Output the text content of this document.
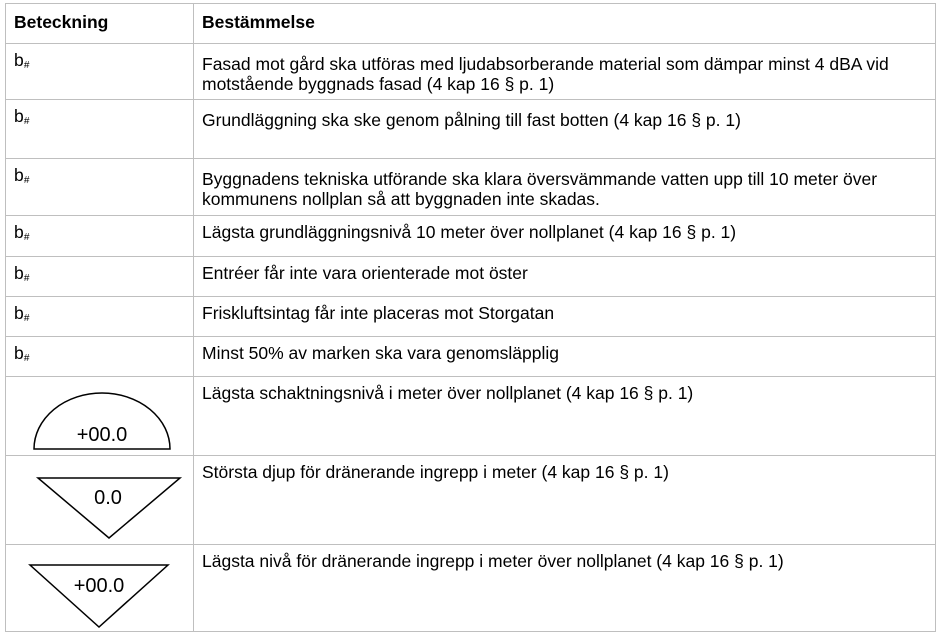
Beteckning	Bestämmelse
$b_{\#}$	Fasad mot gård ska utföras med ljudabsorberande material som dämpar minst 4 dBA vid motstående byggnads fasad (4 kap 16 § p. 1)
$b_{\#}$	Grundläggning ska ske genom pålning till fast botten (4 kap 16 § p. 1)
$b_{\#}$	Byggnadens tekniska utförande ska klara översvämmande vatten upp till 10 meter över kommunens nollplan så att byggnaden inte skadas.
$b_{\#}$	Lägsta grundläggningsnivå 10 meter över nollplanet (4 kap 16 § p. 1)
$b_{\#}$	Entréer får inte vara orienterade mot öster
$b_{\#}$	Friskluftsintag får inte placeras mot Storgatan
$b_{\#}$	Minst 50% av marken ska vara genomsläpplig

+00.0	Lägsta schaktningsnivå i meter över nollplanet (4 kap 16 § p. 1)

0.0	Största djup för dränerande ingrepp i meter (4 kap 16 § p. 1)

+00.0	Lägsta nivå för dränerande ingrepp i meter över nollplanet (4 kap 16 § p. 1)
